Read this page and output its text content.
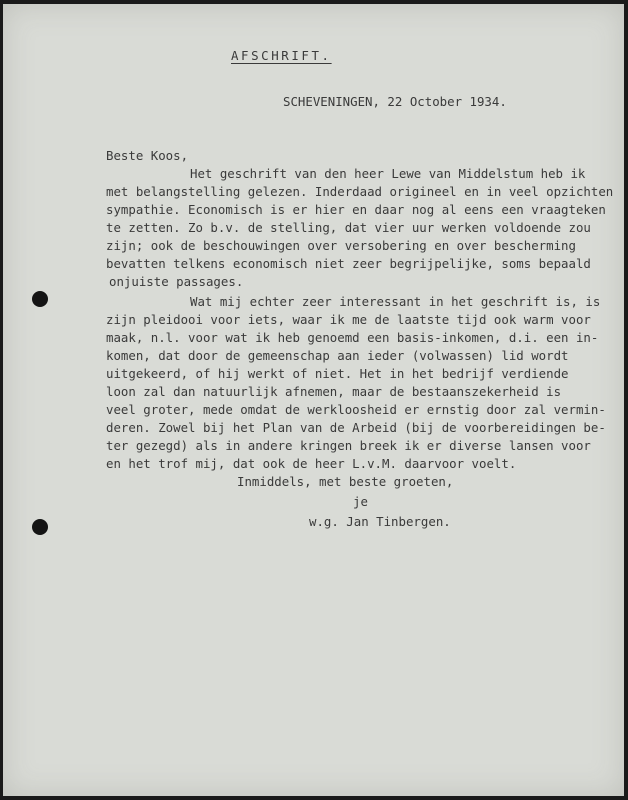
AFSCHRIFT.
SCHEVENINGEN, 22 October 1934.
Beste Koos,
Het geschrift van den heer Lewe van Middelstum heb ik
met belangstelling gelezen. Inderdaad origineel en in veel opzichten
sympathie. Economisch is er hier en daar nog al eens een vraagteken
te zetten. Zo b.v. de stelling, dat vier uur werken voldoende zou
zijn; ook de beschouwingen over versobering en over bescherming
bevatten telkens economisch niet zeer begrijpelijke, soms bepaald
onjuiste passages.
Wat mij echter zeer interessant in het geschrift is, is
zijn pleidooi voor iets, waar ik me de laatste tijd ook warm voor
maak, n.l. voor wat ik heb genoemd een basis-inkomen, d.i. een in-
komen, dat door de gemeenschap aan ieder (volwassen) lid wordt
uitgekeerd, of hij werkt of niet. Het in het bedrijf verdiende
loon zal dan natuurlijk afnemen, maar de bestaanszekerheid is
veel groter, mede omdat de werkloosheid er ernstig door zal vermin-
deren. Zowel bij het Plan van de Arbeid (bij de voorbereidingen be-
ter gezegd) als in andere kringen breek ik er diverse lansen voor
en het trof mij, dat ook de heer L.v.M. daarvoor voelt.
Inmiddels, met beste groeten,
je
w.g. Jan Tinbergen.
